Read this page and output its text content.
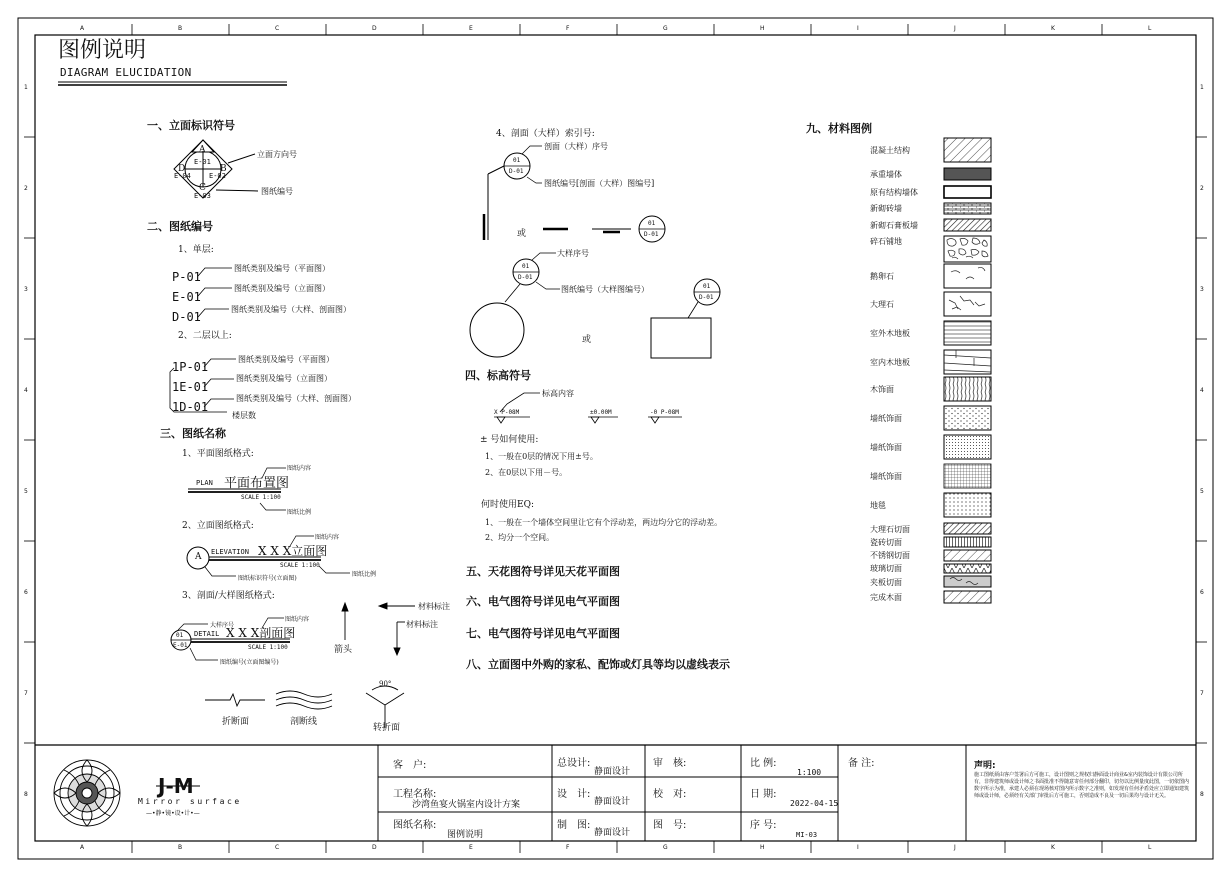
A	B	C	D	E	F	G	H	I	J	K	L
A	B	C	D	E	F	G	H	I	J	K	L
1
2
3
4
5
6
7
8
1
2
3
4
5
6
7
8
图例说明
DIAGRAM ELUCIDATION
一、立面标识符号
A
B
C
D
E-01
E-02
E-03
E-04
立面方向号
图纸编号
二、图纸编号
1、单层:
P-01
图纸类别及编号（平面图）
E-01
图纸类别及编号（立面图）
D-01
图纸类别及编号（大样、剖面图）
2、二层以上:
1P-01
图纸类别及编号（平面图）
1E-01
图纸类别及编号（立面图）
1D-01
图纸类别及编号（大样、剖面图）
楼层数
三、图纸名称
1、平面图纸格式:
图纸内容
PLAN 平面布置图
SCALE 1:100
图纸比例
2、立面图纸格式:
图纸内容
A ELEVATION X X X立面图
SCALE 1:100
图纸比例
图纸标识符号(立面图)
3、剖面/大样图纸格式:
大样序号
图纸内容
01
E-01
DETAIL X X X剖面图
SCALE 1:100
图纸编号(立面图编号)
箭头
材料标注
材料标注
折断面	剖断线
90°
转折面
4、剖面（大样）索引号:
剖面（大样）序号
01
D-01
图纸编号[剖面（大样）图编号]
或
01
D-01
大样序号
01
D-01
图纸编号（大样图编号）	01
D-01
或
四、标高符号
标高内容
X P-08M	±0.00M	-0 P-08M
± 号如何使用:
1、一般在0层的情况下用±号。
2、在0层以下用－号。
何时使用EQ:
1、一般在一个墙体空间里让它有个浮动差，两边均分它的浮动差。
2、均分一个空间。
五、天花图符号详见天花平面图
六、电气图符号详见电气平面图
七、电气图符号详见电气平面图
八、立面图中外购的家私、配饰或灯具等均以虚线表示
九、材料图例
混凝土结构
承重墙体
原有结构墙体
新砌砖墙
新砌石膏板墙
碎石铺地
鹅卵石
大理石
室外木地板
室内木地板
木饰面
墙纸饰面
墙纸饰面
墙纸饰面
地毯
大理石切面
瓷砖切面
不锈钢切面
玻璃切面
夹板切面
完成木面
J-M
Mirror surface
—•静•镜•设•计•—
客　户:
工程名称:
沙湾鱼宴火锅室内设计方案
图纸名称:
图例说明
总设计:
静面设计
设　计:
静面设计
制　图:
静面设计
审　核:
校　对:
图　号:
比 例:
1:100
日 期:
2022-04-15
序 号:
MI-03
备 注:	声明:
施工图纸须由客户签署后方可施工，设计图则之规权归静面设计商业&室内装饰设计有限公司所有，非得建筑师或设计师之书面批准不得随意寄任何部分翻印，切勿以比例量度此图，一切依图内数字所示为准，承建人必须在现场核对图内所示数字之准则，如发现有任何矛盾处应立即通知建筑师或设计师，必须经有关部门审批后方可施工，否则造成不良及一切后果均与设计无关。
